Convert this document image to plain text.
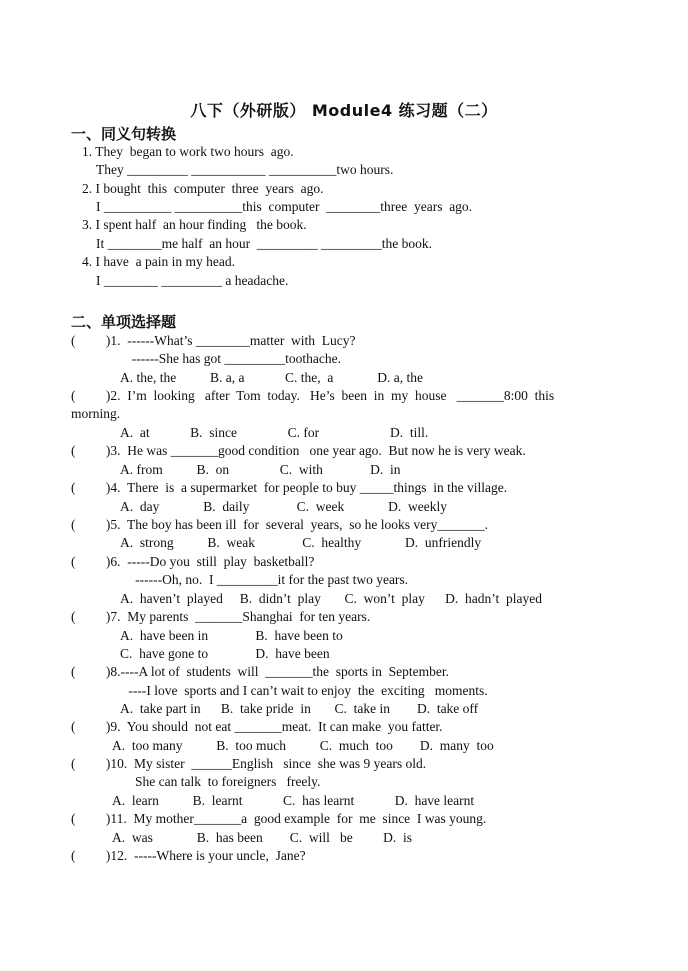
八下（外研版） Module4 练习题（二）
一、同义句转换
1. They  began to work two hours  ago.
They _________ ___________ __________two hours.
2. I bought  this  computer  three  years  ago.
I __________ __________this  computer  ________three  years  ago.
3. I spent half  an hour finding   the book.
It ________me half  an hour  _________ _________the book.
4. I have  a pain in my head.
I ________ _________ a headache.
二、单项选择题
(         )1.  ------What’s ________matter  with  Lucy?
------She has got _________toothache.
A. the, the          B. a, a            C. the,  a             D. a, the
(         )2.  I’m  looking   after  Tom  today.   He’s  been  in  my  house   _______8:00  this
morning.
A.  at            B.  since               C. for                     D.  till.
(         )3.  He was _______good condition   one year ago.  But now he is very weak.
A. from          B.  on               C.  with              D.  in
(         )4.  There  is  a supermarket  for people to buy _____things  in the village.
A.  day             B.  daily              C.  week             D.  weekly
(         )5.  The boy has been ill  for  several  years,  so he looks very_______.
A.  strong          B.  weak              C.  healthy             D.  unfriendly
(         )6.  -----Do you  still  play  basketball?
------Oh, no.  I _________it for the past two years.
A.  haven’t  played     B.  didn’t  play       C.  won’t  play      D.  hadn’t  played
(         )7.  My parents  _______Shanghai  for ten years.
A.  have been in              B.  have been to
C.  have gone to              D.  have been
(         )8.----A lot of  students  will  _______the  sports in  September.
----I love  sports and I can’t wait to enjoy  the  exciting   moments.
A.  take part in      B.  take pride  in       C.  take in        D.  take off
(         )9.  You should  not eat _______meat.  It can make  you fatter.
A.  too many          B.  too much          C.  much  too        D.  many  too
(         )10.  My sister  ______English   since  she was 9 years old.
She can talk  to foreigners   freely.
A.  learn          B.  learnt            C.  has learnt            D.  have learnt
(         )11.  My mother_______a  good example  for  me  since  I was young.
A.  was             B.  has been        C.  will   be         D.  is
(         )12.  -----Where is your uncle,  Jane?
